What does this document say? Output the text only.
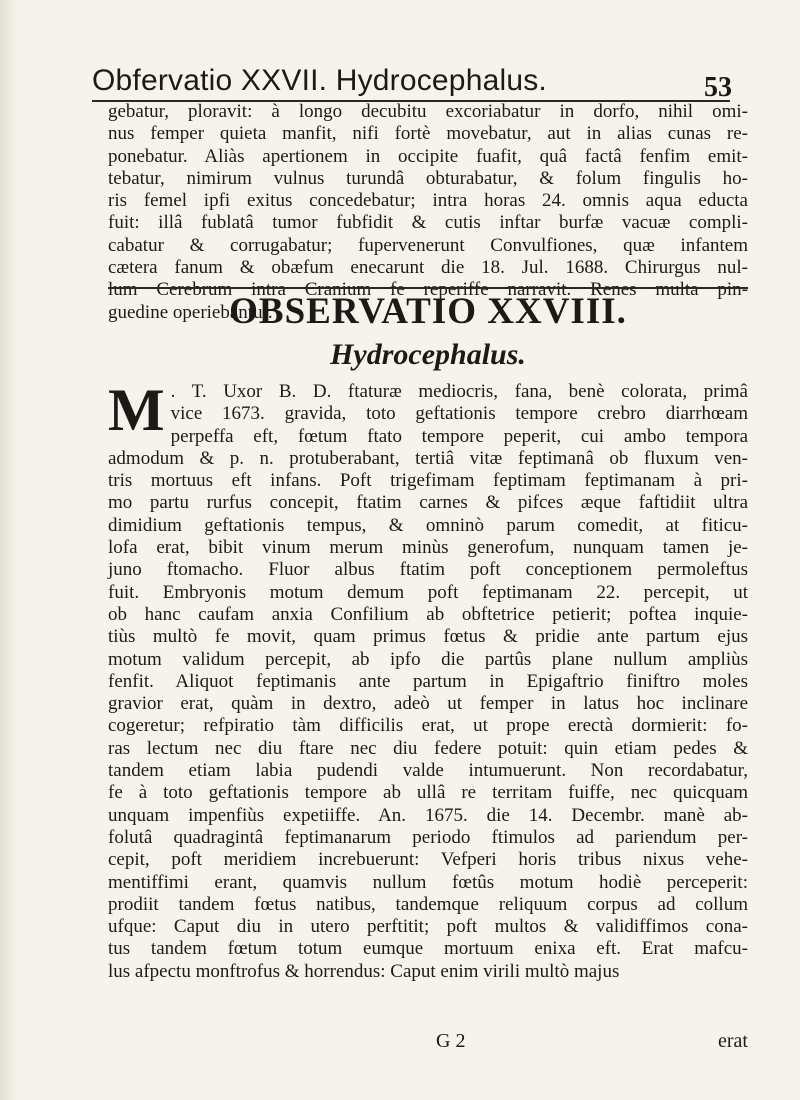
Obfervatio XXVII. Hydrocephalus.	53
gebatur, ploravit: à longo decubitu excoriabatur in dorfo, nihil omi-
nus femper quieta manfit, nifi fortè movebatur, aut in alias cunas re-
ponebatur. Aliàs apertionem in occipite fuafit, quâ factâ fenfim emit-
tebatur, nimirum vulnus turundâ obturabatur, & folum fingulis ho-
ris femel ipfi exitus concedebatur; intra horas 24. omnis aqua educta
fuit: illâ fublatâ tumor fubfidit & cutis inftar burfæ vacuæ compli-
cabatur & corrugabatur; fupervenerunt Convulfiones, quæ infantem
cætera fanum & obæfum enecarunt die 18. Jul. 1688. Chirurgus nul-
lum Cerebrum intra Cranium fe reperiffe narravit. Renes multa pin-
guedine operiebantur.
OBSERVATIO XXVIII.
Hydrocephalus.
M . T. Uxor B. D. ftaturæ mediocris, fana, benè colorata, primâ
vice 1673. gravida, toto geftationis tempore crebro diarrhœam
perpeffa eft, fœtum ftato tempore peperit, cui ambo tempora
admodum & p. n. protuberabant, tertiâ vitæ feptimanâ ob fluxum ven-
tris mortuus eft infans. Poft trigefimam feptimam feptimanam à pri-
mo partu rurfus concepit, ftatim carnes & pifces æque faftidiit ultra
dimidium geftationis tempus, & omninò parum comedit, at fiticu-
lofa erat, bibit vinum merum minùs generofum, nunquam tamen je-
juno ftomacho. Fluor albus ftatim poft conceptionem permoleftus
fuit. Embryonis motum demum poft feptimanam 22. percepit, ut
ob hanc caufam anxia Confilium ab obftetrice petierit; poftea inquie-
tiùs multò fe movit, quam primus fœtus & pridie ante partum ejus
motum validum percepit, ab ipfo die partûs plane nullum ampliùs
fenfit. Aliquot feptimanis ante partum in Epigaftrio finiftro moles
gravior erat, quàm in dextro, adeò ut femper in latus hoc inclinare
cogeretur; refpiratio tàm difficilis erat, ut prope erectà dormierit: fo-
ras lectum nec diu ftare nec diu federe potuit: quin etiam pedes &
tandem etiam labia pudendi valde intumuerunt. Non recordabatur,
fe à toto geftationis tempore ab ullâ re territam fuiffe, nec quicquam
unquam impenfiùs expetiiffe. An. 1675. die 14. Decembr. manè ab-
folutâ quadragintâ feptimanarum periodo ftimulos ad pariendum per-
cepit, poft meridiem increbuerunt: Vefperi horis tribus nixus vehe-
mentiffimi erant, quamvis nullum fœtûs motum hodiè perceperit:
prodiit tandem fœtus natibus, tandemque reliquum corpus ad collum
ufque: Caput diu in utero perftitit; poft multos & validiffimos cona-
tus tandem fœtum totum eumque mortuum enixa eft. Erat mafcu-
lus afpectu monftrofus & horrendus: Caput enim virili multò majus
G 2	erat
